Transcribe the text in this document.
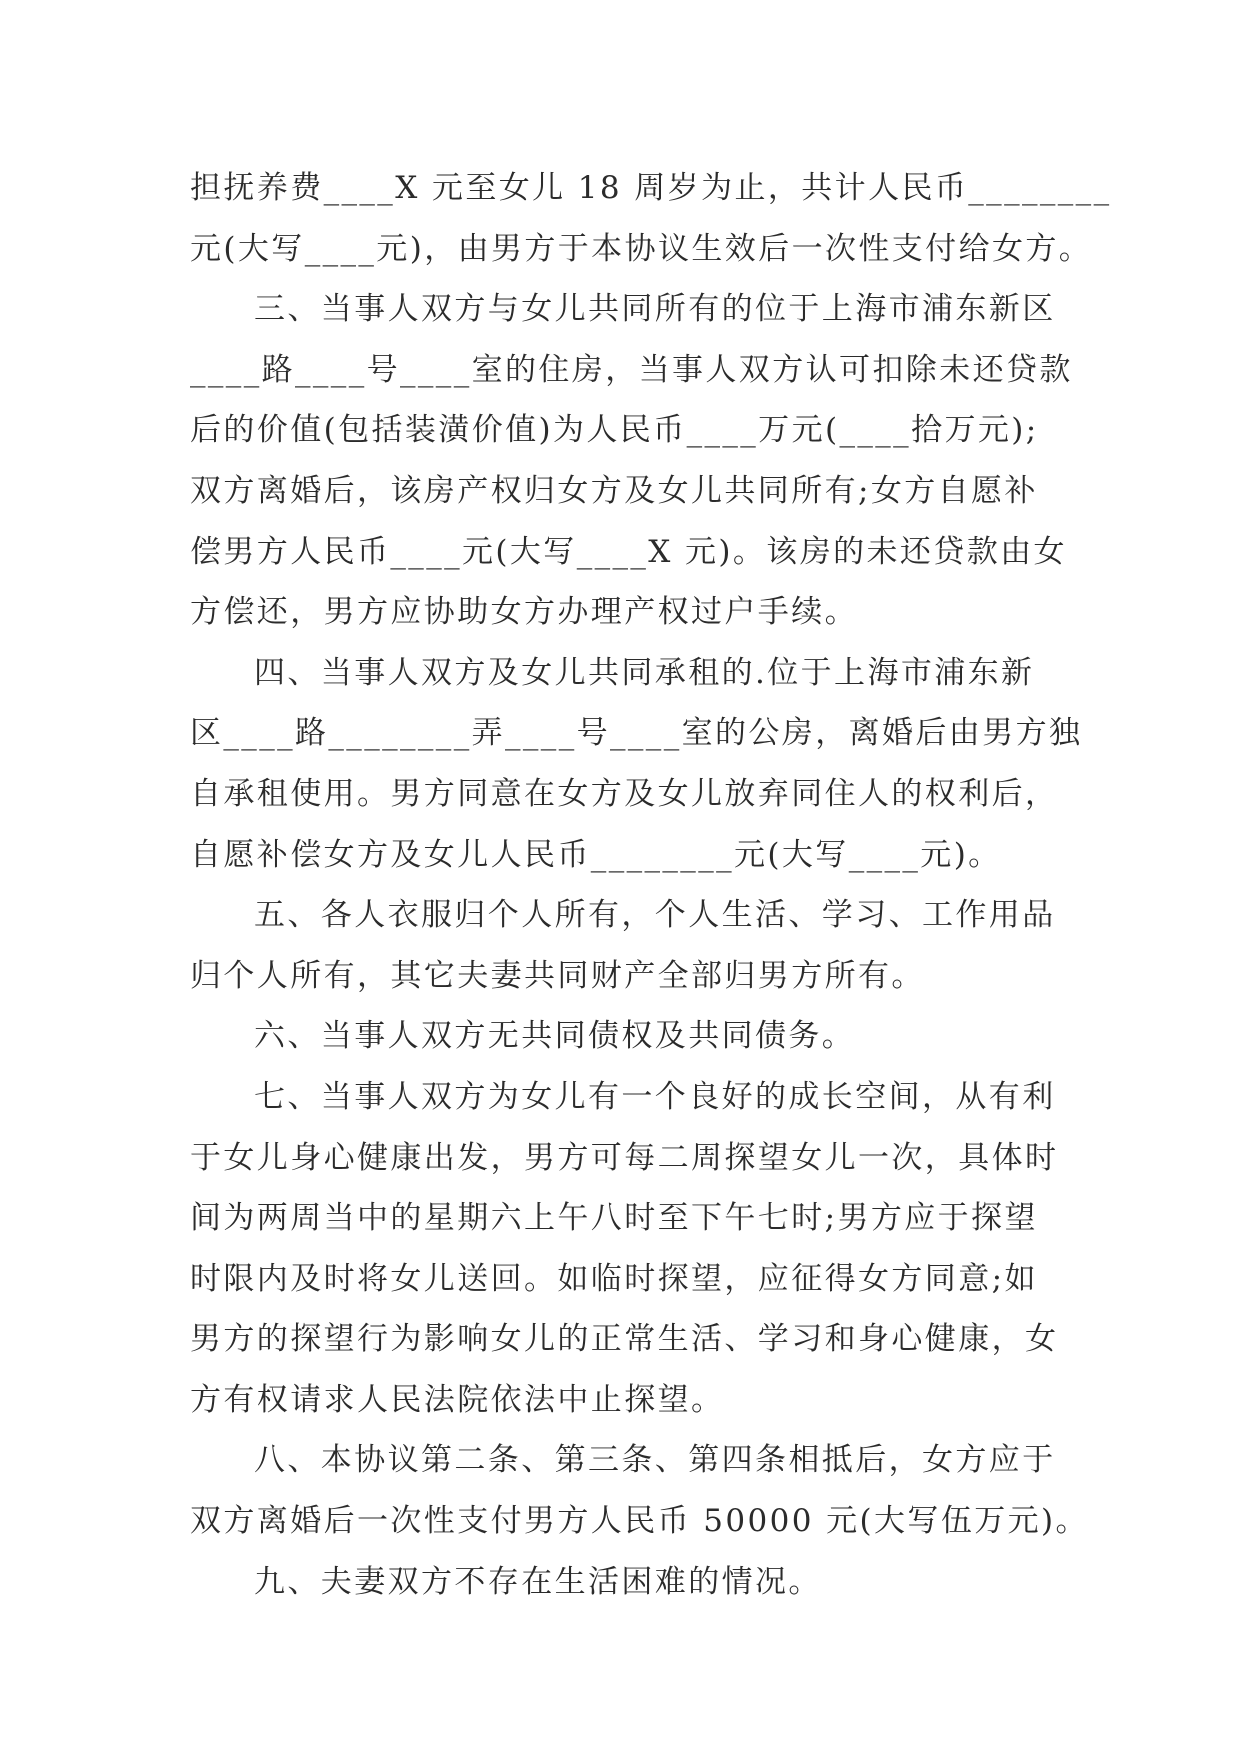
担抚养费____X 元至女儿 18 周岁为止，共计人民币________

元(大写____元)，由男方于本协议生效后一次性支付给女方。

三、当事人双方与女儿共同所有的位于上海市浦东新区

____路____号____室的住房，当事人双方认可扣除未还贷款

后的价值(包括装潢价值)为人民币____万元(____拾万元);

双方离婚后，该房产权归女方及女儿共同所有;女方自愿补

偿男方人民币____元(大写____X 元)。该房的未还贷款由女

方偿还，男方应协助女方办理产权过户手续。

四、当事人双方及女儿共同承租的.位于上海市浦东新

区____路________弄____号____室的公房，离婚后由男方独

自承租使用。男方同意在女方及女儿放弃同住人的权利后，

自愿补偿女方及女儿人民币________元(大写____元)。

五、各人衣服归个人所有，个人生活、学习、工作用品

归个人所有，其它夫妻共同财产全部归男方所有。

六、当事人双方无共同债权及共同债务。

七、当事人双方为女儿有一个良好的成长空间，从有利

于女儿身心健康出发，男方可每二周探望女儿一次，具体时

间为两周当中的星期六上午八时至下午七时;男方应于探望

时限内及时将女儿送回。如临时探望，应征得女方同意;如

男方的探望行为影响女儿的正常生活、学习和身心健康，女

方有权请求人民法院依法中止探望。

八、本协议第二条、第三条、第四条相抵后，女方应于

双方离婚后一次性支付男方人民币 50000 元(大写伍万元)。

九、夫妻双方不存在生活困难的情况。
